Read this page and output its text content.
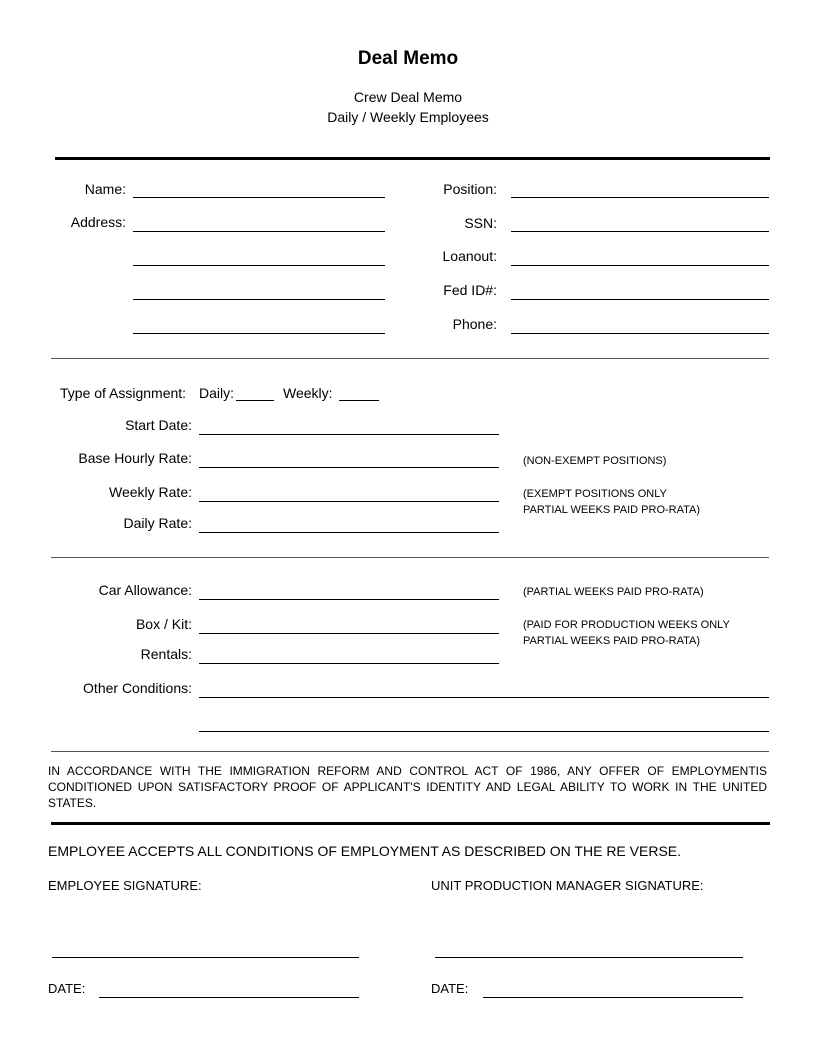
Deal Memo
Crew Deal Memo
Daily / Weekly Employees
Name:
Address:
Position:
SSN:
Loanout:
Fed ID#:
Phone:
Type of Assignment: Daily:	Weekly:
Start Date:
Base Hourly Rate:	(NON-EXEMPT POSITIONS)
Weekly Rate:	(EXEMPT POSITIONS ONLY
PARTIAL WEEKS PAID PRO-RATA)
Daily Rate:
Car Allowance:	(PARTIAL WEEKS PAID PRO-RATA)
Box / Kit:	(PAID FOR PRODUCTION WEEKS ONLY
PARTIAL WEEKS PAID PRO-RATA)
Rentals:
Other Conditions:
IN ACCORDANCE WITH THE IMMIGRATION REFORM AND CONTROL ACT OF 1986, ANY OFFER OF EMPLOYMENTIS CONDITIONED UPON SATISFACTORY PROOF OF APPLICANT'S IDENTITY AND LEGAL ABILITY TO WORK IN THE UNITED STATES.
EMPLOYEE ACCEPTS ALL CONDITIONS OF EMPLOYMENT AS DESCRIBED ON THE RE VERSE.
EMPLOYEE SIGNATURE:	UNIT PRODUCTION MANAGER SIGNATURE:
DATE:	DATE:
